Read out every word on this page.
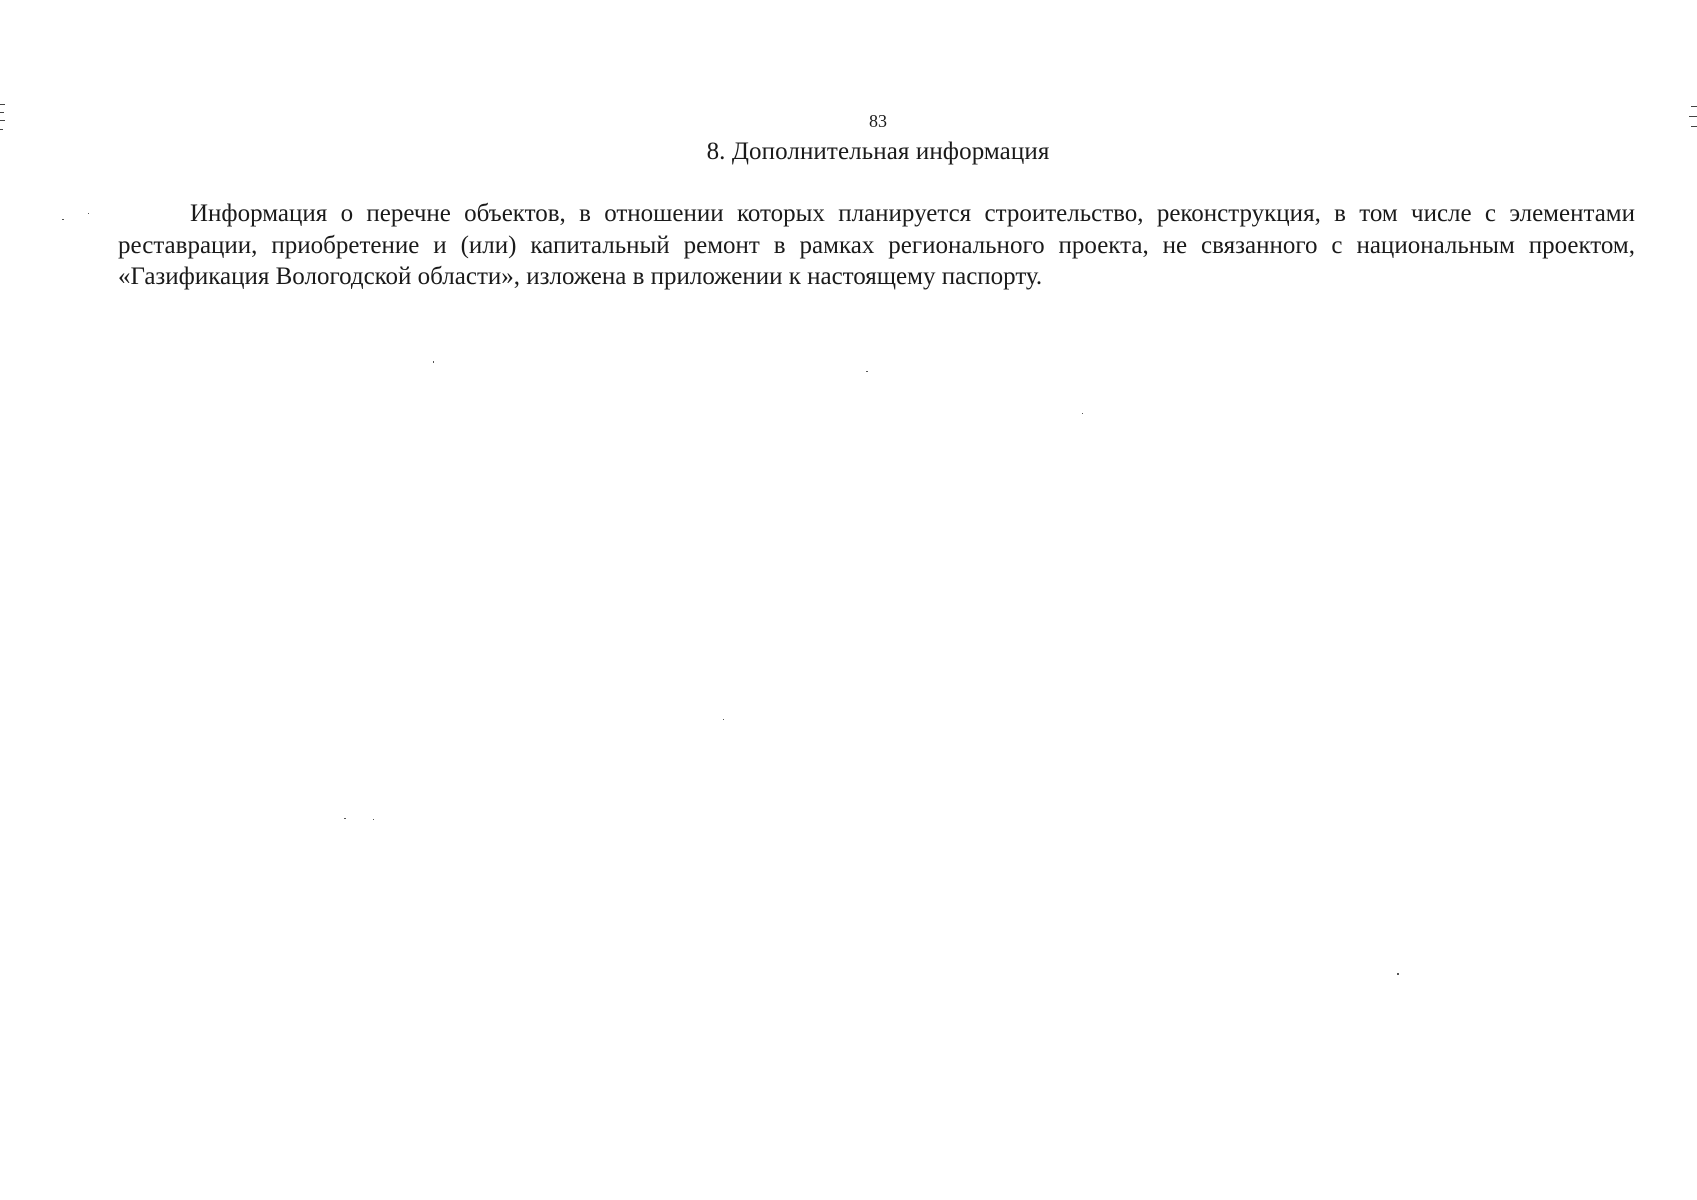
83
8. Дополнительная информация

Информация о перечне объектов, в отношении которых планируется строительство, реконструкция, в том числе с элементами реставрации, приобретение и (или) капитальный ремонт в рамках регионального проекта, не связанного с национальным проектом, «Газификация Вологодской области», изложена в приложении к настоящему паспорту.
